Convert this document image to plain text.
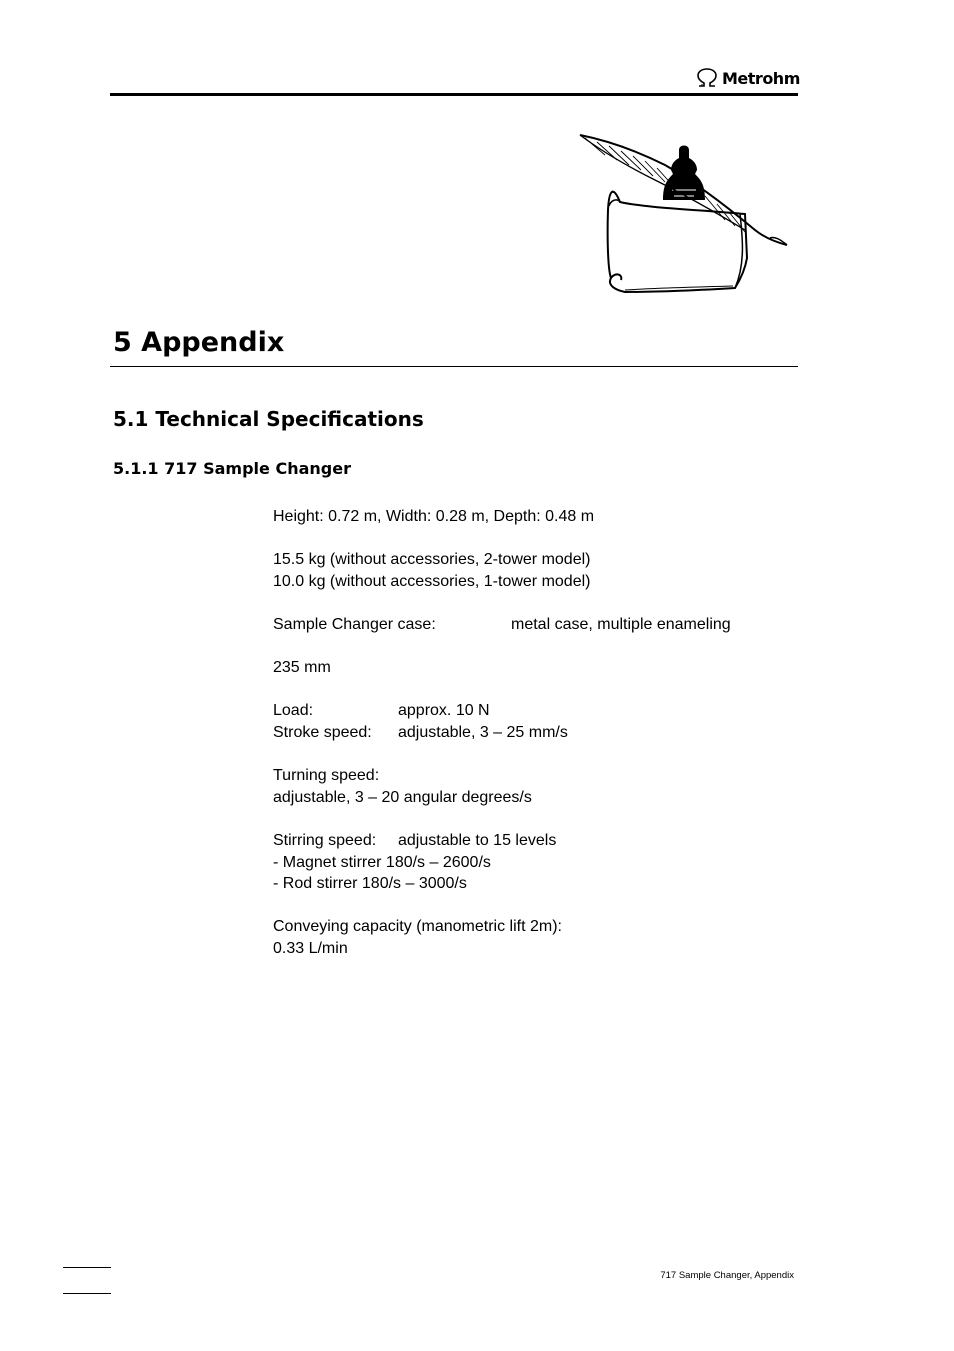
Metrohm
5 Appendix
5.1 Technical Specifications
5.1.1 717 Sample Changer
Height: 0.72 m, Width: 0.28 m, Depth: 0.48 m
15.5 kg (without accessories, 2-tower model)
10.0 kg (without accessories, 1-tower model)
Sample Changer case:	metal case, multiple enameling
235 mm
Load:	approx. 10 N
Stroke speed: adjustable, 3 – 25 mm/s
Turning speed:
adjustable, 3 – 20 angular degrees/s
Stirring speed: adjustable to 15 levels
- Magnet stirrer 180/s – 2600/s
- Rod stirrer 180/s – 3000/s
Conveying capacity (manometric lift 2m):
0.33 L/min
717 Sample Changer, Appendix
